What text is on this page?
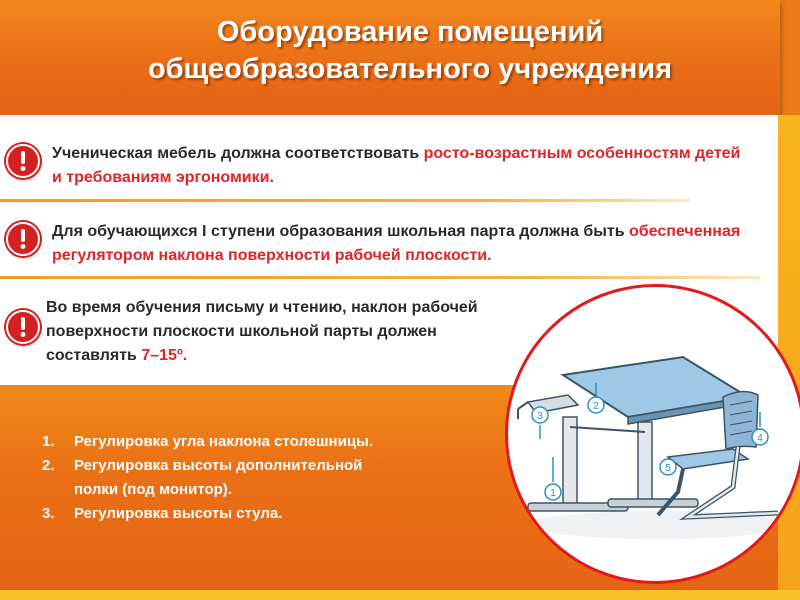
Оборудование помещений общеобразовательного учреждения
Ученическая мебель должна соответствовать росто-возрастным особенностям детей и требованиям эргономики.
Для обучающихся I ступени образования школьная парта должна быть обеспеченная регулятором наклона поверхности рабочей плоскости.
Во время обучения письму и чтению, наклон рабочей поверхности плоскости школьной парты должен составлять 7–15º.
1. Регулировка угла наклона столешницы.
2. Регулировка высоты дополнительной полки (под монитор).
3. Регулировка высоты стула.
1
2
3
4
5
